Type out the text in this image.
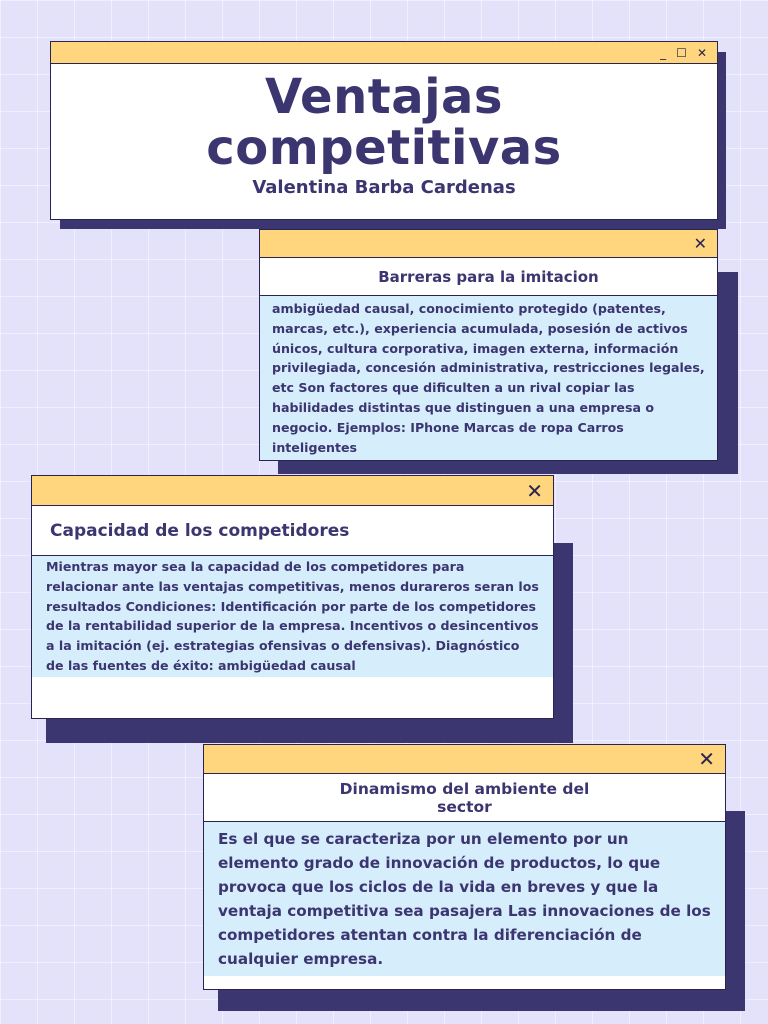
_ ☐ ✕
Ventajas
competitivas
Valentina Barba Cardenas
✕
Barreras para la imitacion
ambigüedad causal, conocimiento protegido (patentes, marcas, etc.), experiencia acumulada, posesión de activos únicos, cultura corporativa, imagen externa, información privilegiada, concesión administrativa, restricciones legales, etc Son factores que dificulten a un rival copiar las habilidades distintas que distinguen a una empresa o negocio. Ejemplos: IPhone Marcas de ropa Carros inteligentes
✕
Capacidad de los competidores
Mientras mayor sea la capacidad de los competidores para relacionar ante las ventajas competitivas, menos durareros seran los resultados Condiciones: Identificación por parte de los competidores de la rentabilidad superior de la empresa. Incentivos o desincentivos a la imitación (ej. estrategias ofensivas o defensivas). Diagnóstico de las fuentes de éxito: ambigüedad causal
✕
Dinamismo del ambiente del sector
Es el que se caracteriza por un elemento por un elemento grado de innovación de productos, lo que provoca que los ciclos de la vida en breves y que la ventaja competitiva sea pasajera Las innovaciones de los competidores atentan contra la diferenciación de cualquier empresa.
